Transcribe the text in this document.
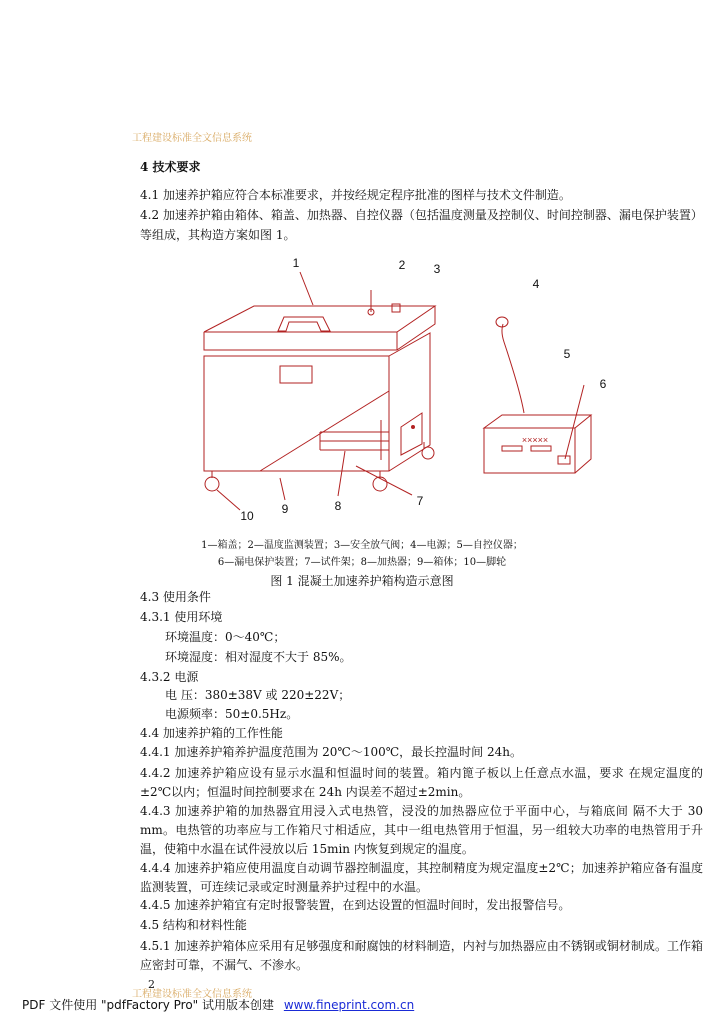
工程建设标准全文信息系统
4 技术要求
4.1 加速养护箱应符合本标准要求，并按经规定程序批准的图样与技术文件制造。
4.2 加速养护箱由箱体、箱盖、加热器、自控仪器（包括温度测量及控制仪、时间控制器、漏电保护装置）
等组成，其构造方案如图 1。
1	2 3
4
5
6
7
8
9
10
×××××
1—箱盖；2—温度监测装置；3—安全放气阀；4—电源；5—自控仪器；
6—漏电保护装置；7—试件架；8—加热器；9—箱体；10—脚轮
图 1 混凝土加速养护箱构造示意图
4.3 使用条件
4.3.1 使用环境
环境温度：0～40℃；
环境湿度：相对湿度不大于 85%。
4.3.2 电源
电 压：380±38V 或 220±22V；
电源频率：50±0.5Hz。
4.4 加速养护箱的工作性能
4.4.1 加速养护箱养护温度范围为 20℃～100℃，最长控温时间 24h。
4.4.2 加速养护箱应设有显示水温和恒温时间的装置。箱内篦子板以上任意点水温，要求 在规定温度的±2℃以内；恒温时间控制要求在 24h 内误差不超过±2min。
4.4.3 加速养护箱的加热器宜用浸入式电热管，浸没的加热器应位于平面中心，与箱底间 隔不大于 30 mm。电热管的功率应与工作箱尺寸相适应，其中一组电热管用于恒温，另一组较大功率的电热管用于升温，使箱中水温在试件浸放以后 15min 内恢复到规定的温度。
4.4.4 加速养护箱应使用温度自动调节器控制温度，其控制精度为规定温度±2℃；加速养护箱应备有温度监测装置，可连续记录或定时测量养护过程中的水温。
4.4.5 加速养护箱宜有定时报警装置，在到达设置的恒温时间时，发出报警信号。
4.5 结构和材料性能
4.5.1 加速养护箱体应采用有足够强度和耐腐蚀的材料制造，内衬与加热器应由不锈钢或铜材制成。工作箱应密封可靠，不漏气、不渗水。
2
工程建设标准全文信息系统
PDF 文件使用 "pdfFactory Pro" 试用版本创建 www.fineprint.com.cn
